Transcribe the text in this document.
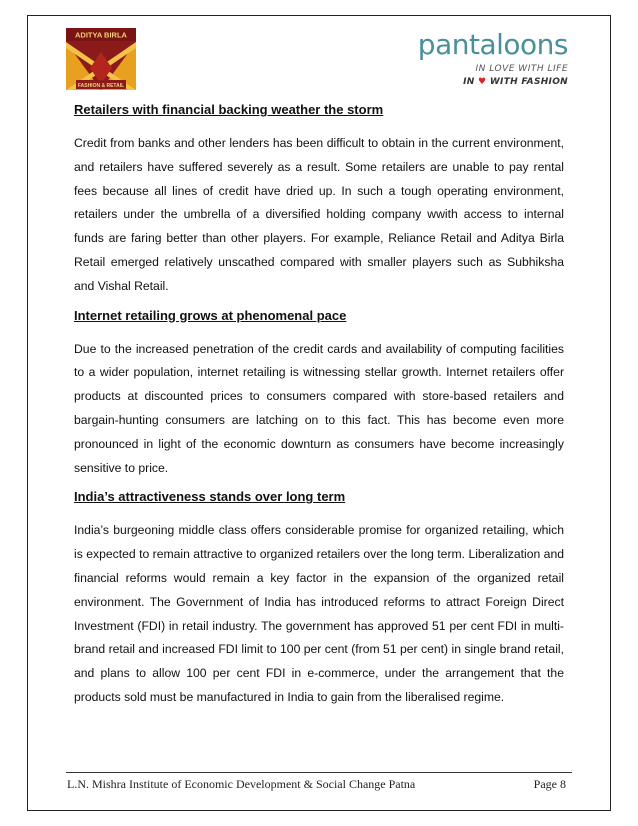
ADITYA BIRLA
FASHION & RETAIL
pantaloons
IN LOVE WITH LIFE
IN ♥ WITH FASHION
Retailers with financial backing weather the storm

Credit from banks and other lenders has been difficult to obtain in the current environment, and retailers have suffered severely as a result. Some retailers are unable to pay rental fees because all lines of credit have dried up. In such a tough operating environment, retailers under the umbrella of a diversified holding company wwith access to internal funds are faring better than other players. For example, Reliance Retail and Aditya Birla Retail emerged relatively unscathed compared with smaller players such as Subhiksha and Vishal Retail.

Internet retailing grows at phenomenal pace

Due to the increased penetration of the credit cards and availability of computing facilities to a wider population, internet retailing is witnessing stellar growth. Internet retailers offer products at discounted prices to consumers compared with store-based retailers and bargain-hunting consumers are latching on to this fact. This has become even more pronounced in light of the economic downturn as consumers have become increasingly sensitive to price.

India’s attractiveness stands over long term

India’s burgeoning middle class offers considerable promise for organized retailing, which is expected to remain attractive to organized retailers over the long term. Liberalization and financial reforms would remain a key factor in the expansion of the organized retail environment. The Government of India has introduced reforms to attract Foreign Direct Investment (FDI) in retail industry. The government has approved 51 per cent FDI in multi-brand retail and increased FDI limit to 100 per cent (from 51 per cent) in single brand retail, and plans to allow 100 per cent FDI in e-commerce, under the arrangement that the products sold must be manufactured in India to gain from the liberalised regime.

L.N. Mishra Institute of Economic Development & Social Change Patna	Page 8
